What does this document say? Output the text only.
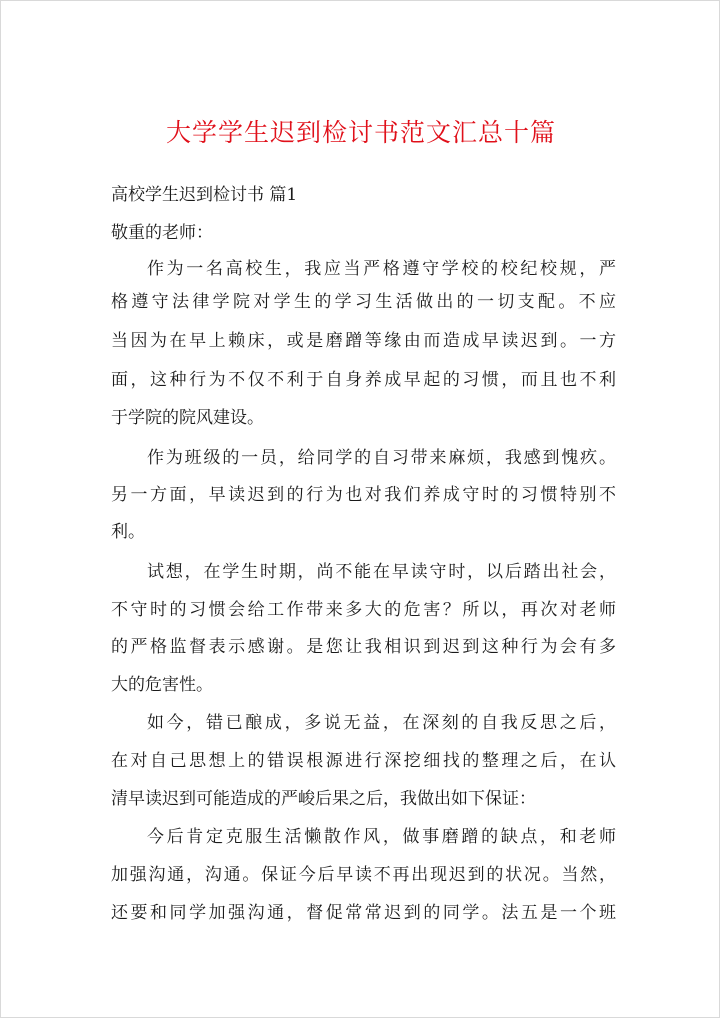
大学学生迟到检讨书范文汇总十篇
高校学生迟到检讨书 篇1
敬重的老师：
作为一名高校生，我应当严格遵守学校的校纪校规，严
格遵守法律学院对学生的学习生活做出的一切支配。不应
当因为在早上赖床，或是磨蹭等缘由而造成早读迟到。一方
面，这种行为不仅不利于自身养成早起的习惯，而且也不利
于学院的院风建设。
作为班级的一员，给同学的自习带来麻烦，我感到愧疚。
另一方面，早读迟到的行为也对我们养成守时的习惯特别不
利。
试想，在学生时期，尚不能在早读守时，以后踏出社会，
不守时的习惯会给工作带来多大的危害？所以，再次对老师
的严格监督表示感谢。是您让我相识到迟到这种行为会有多
大的危害性。
如今，错已酿成，多说无益，在深刻的自我反思之后，
在对自己思想上的错误根源进行深挖细找的整理之后，在认
清早读迟到可能造成的严峻后果之后，我做出如下保证：
今后肯定克服生活懒散作风，做事磨蹭的缺点，和老师
加强沟通，沟通。保证今后早读不再出现迟到的状况。当然，
还要和同学加强沟通，督促常常迟到的同学。法五是一个班
